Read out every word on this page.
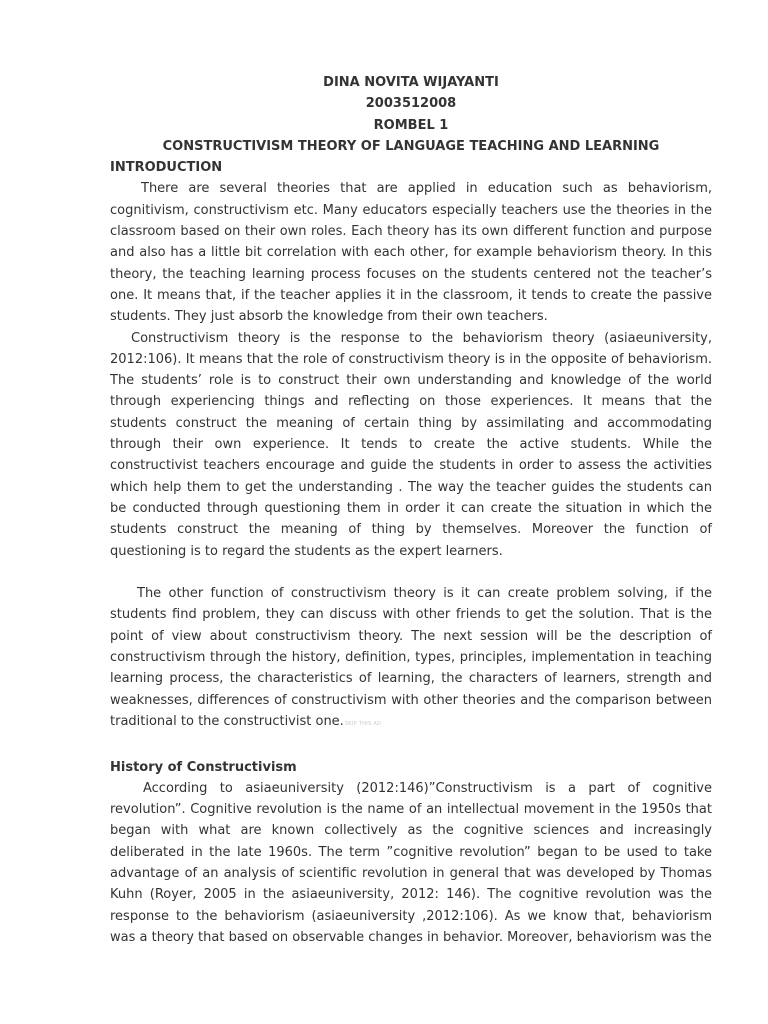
DINA NOVITA WIJAYANTI

2003512008

ROMBEL 1

CONSTRUCTIVISM THEORY OF LANGUAGE TEACHING AND LEARNING

INTRODUCTION

There are several theories that are applied in education such as behaviorism, cognitivism, constructivism etc. Many educators especially teachers use the theories in the classroom based on their own roles. Each theory has its own different function and purpose and also has a little bit correlation with each other, for example behaviorism theory. In this theory, the teaching learning process focuses on the students centered not the teacher’s one. It means that, if the teacher applies it in the classroom, it tends to create the passive students. They just absorb the knowledge from their own teachers.

Constructivism theory is the response to the behaviorism theory (asiaeuniversity, 2012:106). It means that the role of constructivism theory is in the opposite of behaviorism. The students’ role is to construct their own understanding and knowledge of the world through experiencing things and reflecting on those experiences. It means that the students construct the meaning of certain thing by assimilating and accommodating through their own experience. It tends to create the active students. While the constructivist teachers encourage and guide the students in order to assess the activities which help them to get the understanding . The way the teacher guides the students can be conducted through questioning them in order it can create the situation in which the students construct the meaning of thing by themselves. Moreover the function of questioning is to regard the students as the expert learners.

The other function of constructivism theory is it can create problem solving, if the students find problem, they can discuss with other friends to get the solution. That is the point of view about constructivism theory. The next session will be the description of constructivism through the history, definition, types, principles, implementation in teaching learning process, the characteristics of learning, the characters of learners, strength and weaknesses, differences of constructivism with other theories and the comparison between traditional to the constructivist one.SKIP THIS AD

History of Constructivism

According to asiaeuniversity (2012:146)”Constructivism is a part of cognitive revolution”. Cognitive revolution is the name of an intellectual movement in the 1950s that began with what are known collectively as the cognitive sciences and increasingly deliberated in the late 1960s. The term ”cognitive revolution” began to be used to take advantage of an analysis of scientific revolution in general that was developed by Thomas Kuhn (Royer, 2005 in the asiaeuniversity, 2012: 146). The cognitive revolution was the response to the behaviorism (asiaeuniversity ,2012:106). As we know that, behaviorism was a theory that based on observable changes in behavior. Moreover, behaviorism was the
